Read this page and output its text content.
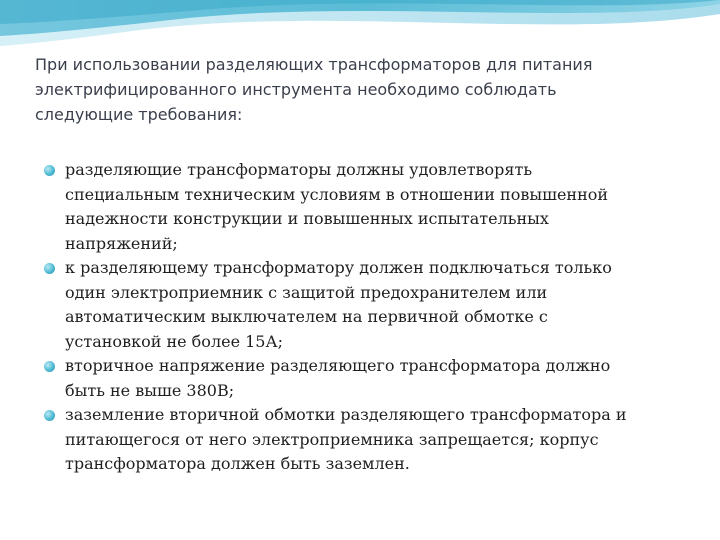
При использовании разделяющих трансформаторов для питания
электрифицированного инструмента необходимо соблюдать
следующие требования:
разделяющие трансформаторы должны удовлетворять
специальным техническим условиям в отношении повышенной
надежности конструкции и повышенных испытательных
напряжений;
к разделяющему трансформатору должен подключаться только
один электроприемник с защитой предохранителем или
автоматическим выключателем на первичной обмотке с
установкой не более 15А;
вторичное напряжение разделяющего трансформатора должно
быть не выше 380В;
заземление вторичной обмотки разделяющего трансформатора и
питающегося от него электроприемника запрещается; корпус
трансформатора должен быть заземлен.
